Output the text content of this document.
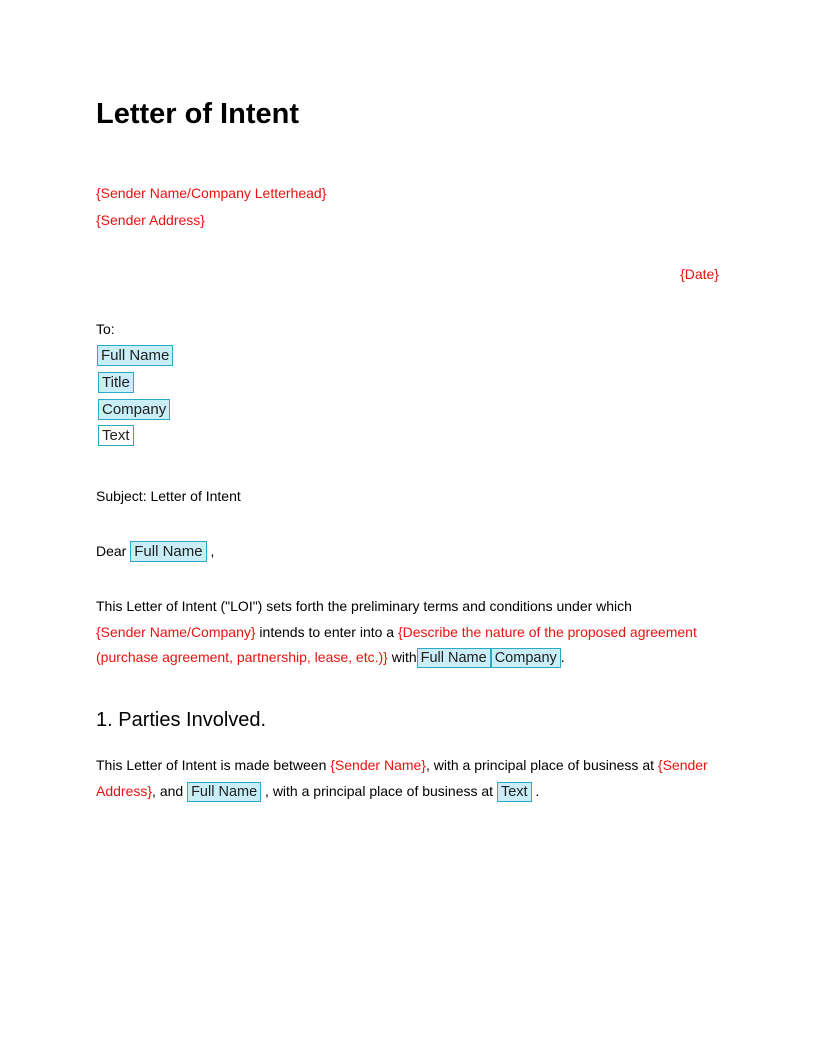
Letter of Intent
{Sender Name/Company Letterhead}
{Sender Address}
{Date}
To:
Full Name
Title
Company
Text
Subject: Letter of Intent
Dear Full Name ,
This Letter of Intent ("LOI") sets forth the preliminary terms and conditions under which
{Sender Name/Company} intends to enter into a {Describe the nature of the proposed agreement (purchase agreement, partnership, lease, etc.)} with Full Name Company .
1. Parties Involved.
This Letter of Intent is made between {Sender Name}, with a principal place of business at {Sender Address}, and Full Name , with a principal place of business at Text .
